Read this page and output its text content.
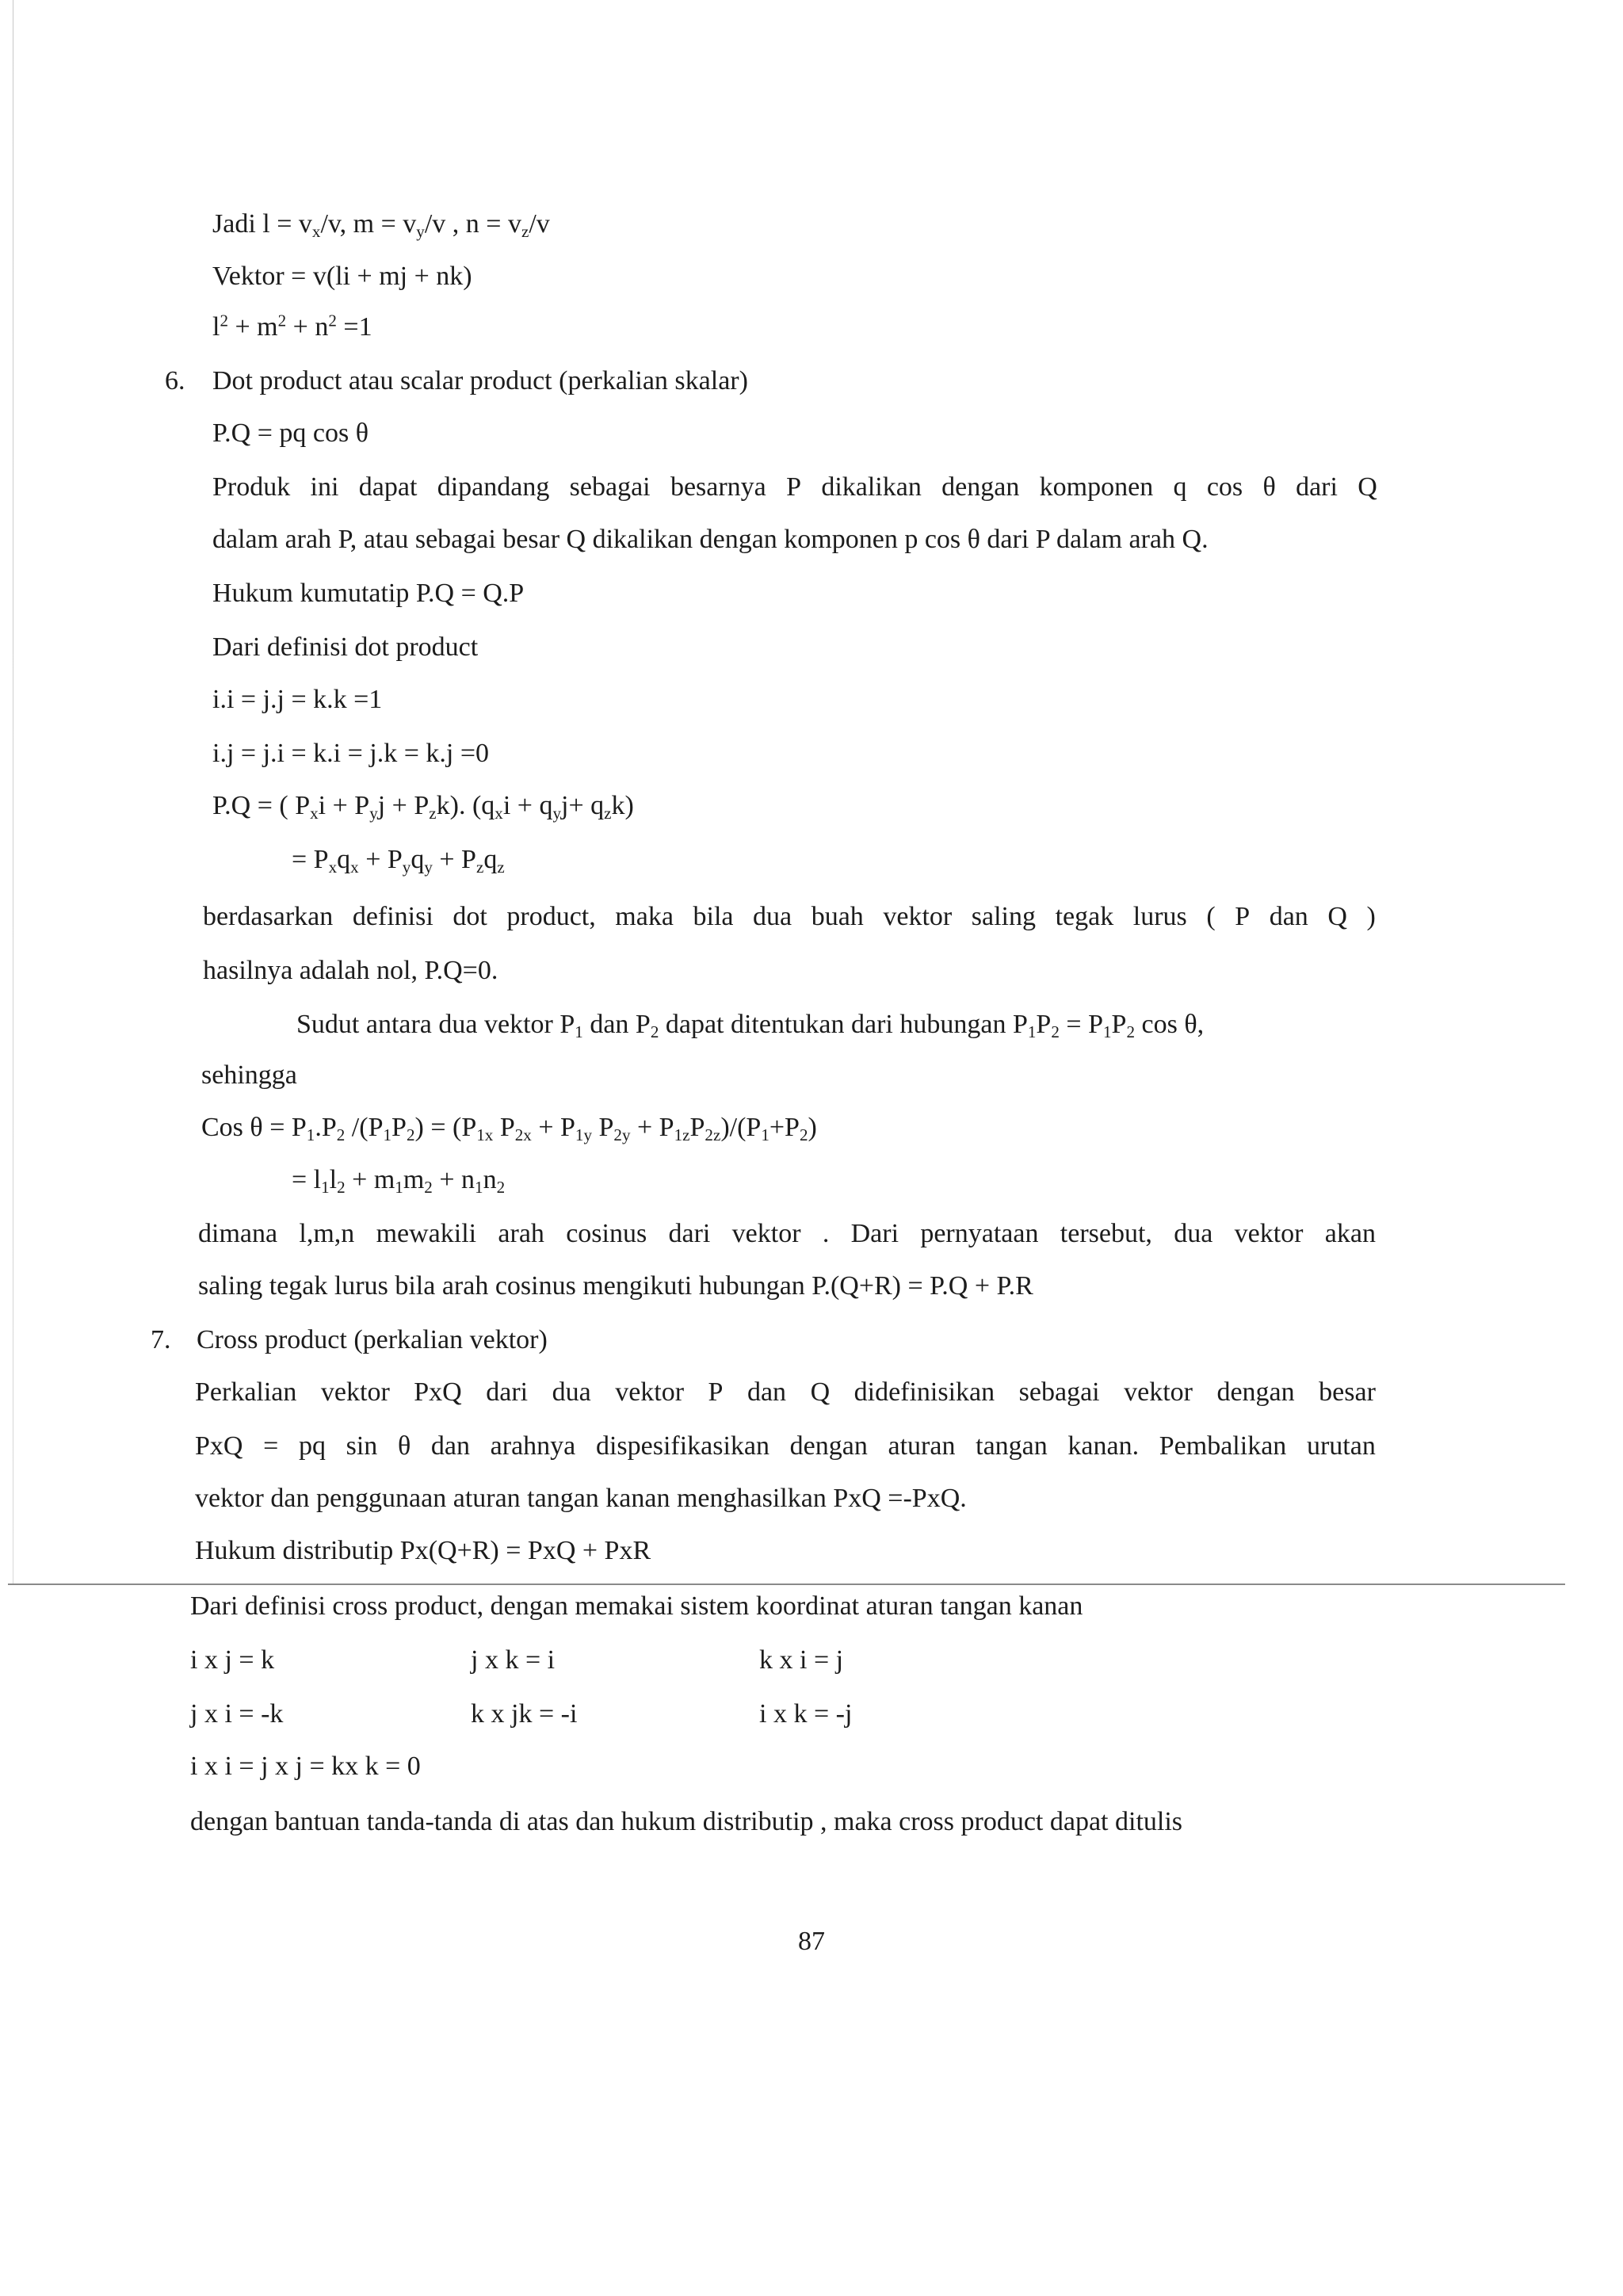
Jadi $l = v_x/v$, $m = v_y/v$ , $n = v_z/v$
Vektor = v(li + mj + nk)
$l^2 + m^2 + n^2 =1$
6. Dot product atau scalar product (perkalian skalar)
P.Q = pq cos θ
Produk ini dapat dipandang sebagai besarnya P dikalikan dengan komponen q cos θ dari Q
dalam arah P, atau sebagai besar Q dikalikan dengan komponen p cos θ dari P dalam arah Q.
Hukum kumutatip P.Q = Q.P
Dari definisi dot product
i.i = j.j = k.k =1
i.j = j.i = k.i = j.k = k.j =0
P.Q = ( $P_xi + P_yj + P_zk$). $(q_xi + q_yj+ q_zk)$
= $P_xq_x + P_yq_y + P_zq_z$
berdasarkan definisi dot product, maka bila dua buah vektor saling tegak lurus ( P dan Q )
hasilnya adalah nol, P.Q=0.
Sudut antara dua vektor $P_1$ dan $P_2$ dapat ditentukan dari hubungan $P_1P_2 = P_1P_2$ cos θ,
sehingga
Cos $\theta = P_1.P_2$ $/(P_1P_2) = (P_{1x}$ $P_{2x} + P_{1y}$ $P_{2y} + P_{1z}P_{2z})/(P_1+P_2)$
= $l_1l_2 + m_1m_2 + n_1n_2$
dimana l,m,n mewakili arah cosinus dari vektor . Dari pernyataan tersebut, dua vektor akan
saling tegak lurus bila arah cosinus mengikuti hubungan P.(Q+R) = P.Q + P.R
7. Cross product (perkalian vektor)
Perkalian vektor PxQ dari dua vektor P dan Q didefinisikan sebagai vektor dengan besar
PxQ = pq sin θ dan arahnya dispesifikasikan dengan aturan tangan kanan. Pembalikan urutan
vektor dan penggunaan aturan tangan kanan menghasilkan PxQ =-PxQ.
Hukum distributip Px(Q+R) = PxQ + PxR
Dari definisi cross product, dengan memakai sistem koordinat aturan tangan kanan
i x j = k	j x k = i	k x i = j
j x i = -k	k x jk = -i	i x k = -j
i x i = j x j = kx k = 0
dengan bantuan tanda-tanda di atas dan hukum distributip , maka cross product dapat ditulis
87
